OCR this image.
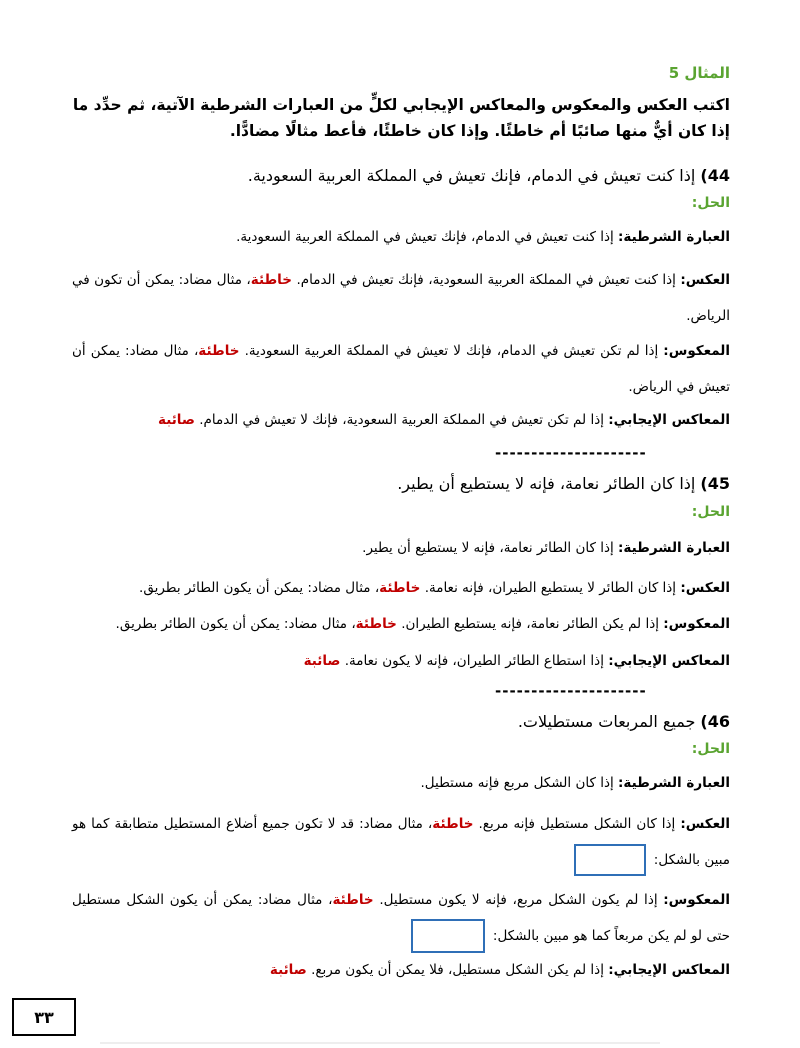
المثال 5
اكتب العكس والمعكوس والمعاكس الإيجابي لكلٍّ من العبارات الشرطية الآتية، ثم حدِّد ما إذا كان أيٌّ منها صائبًا أم خاطئًا. وإذا كان خاطئًا، فأعط مثالًا مضادًّا.
44) إذا كنت تعيش في الدمام، فإنك تعيش في المملكة العربية السعودية.
الحل:
العبارة الشرطية: إذا كنت تعيش في الدمام، فإنك تعيش في المملكة العربية السعودية.
العكس: إذا كنت تعيش في المملكة العربية السعودية، فإنك تعيش في الدمام. خاطئة، مثال مضاد: يمكن أن تكون في الرياض.
المعكوس: إذا لم تكن تعيش في الدمام، فإنك لا تعيش في المملكة العربية السعودية. خاطئة، مثال مضاد: يمكن أن تعيش في الرياض.
المعاكس الإيجابي: إذا لم تكن تعيش في المملكة العربية السعودية، فإنك لا تعيش في الدمام. صائبة
---------------------
45) إذا كان الطائر نعامة، فإنه لا يستطيع أن يطير.
الحل:
العبارة الشرطية: إذا كان الطائر نعامة، فإنه لا يستطيع أن يطير.
العكس: إذا كان الطائر لا يستطيع الطيران، فإنه نعامة. خاطئة، مثال مضاد: يمكن أن يكون الطائر بطريق.
المعكوس: إذا لم يكن الطائر نعامة، فإنه يستطيع الطيران. خاطئة، مثال مضاد: يمكن أن يكون الطائر بطريق.
المعاكس الإيجابي: إذا استطاع الطائر الطيران، فإنه لا يكون نعامة. صائبة
---------------------
46) جميع المربعات مستطيلات.
الحل:
العبارة الشرطية: إذا كان الشكل مربع فإنه مستطيل.
العكس: إذا كان الشكل مستطيل فإنه مربع. خاطئة، مثال مضاد: قد لا تكون جميع أضلاع المستطيل متطابقة كما هو مبين بالشكل:
المعكوس: إذا لم يكون الشكل مربع، فإنه لا يكون مستطيل. خاطئة، مثال مضاد: يمكن أن يكون الشكل مستطيل حتى لو لم يكن مربعاً كما هو مبين بالشكل:
المعاكس الإيجابي: إذا لم يكن الشكل مستطيل، فلا يمكن أن يكون مربع. صائبة
٣٣
